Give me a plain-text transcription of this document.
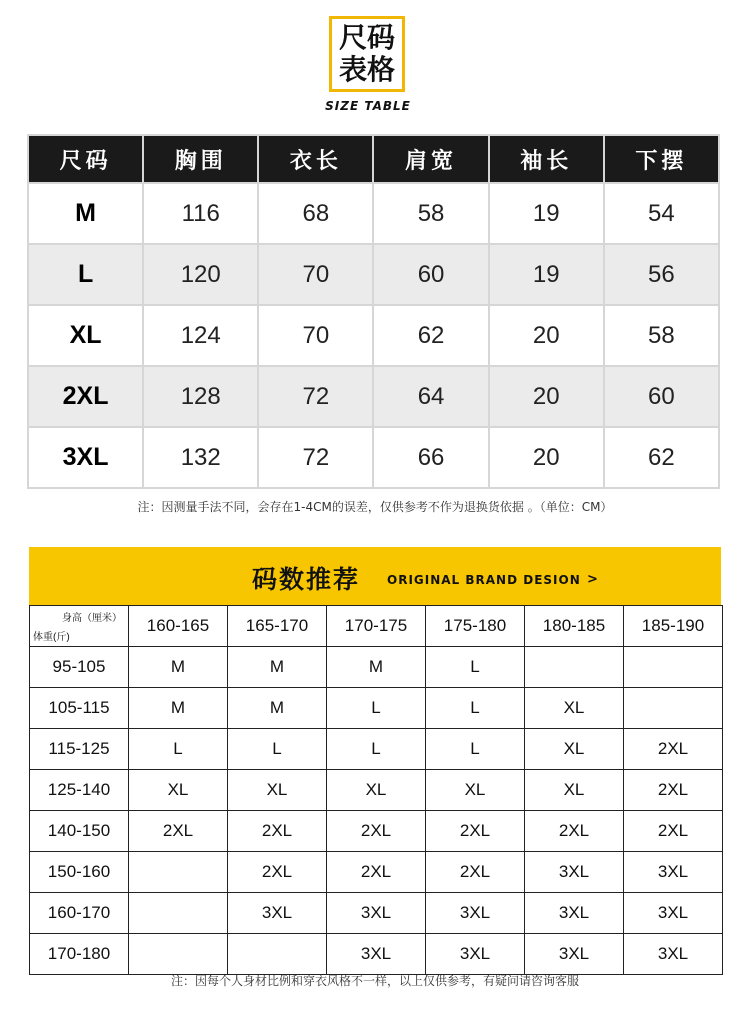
尺码
表格
SIZE TABLE
尺码	胸围	衣长	肩宽	袖长	下摆
M	116	68	58	19	54
L	120	70	60	19	56
XL	124	70	62	20	58
2XL	128	72	64	20	60
3XL	132	72	66	20	62
注：因测量手法不同，会存在1-4CM的误差，仅供参考不作为退换货依据 。（单位：CM）
码数推荐 ORIGINAL BRAND DESION >
身高（厘米）
体重(斤)	160-165	165-170	170-175	175-180	180-185	185-190
95-105	M	M	M	L		
105-115	M	M	L	L	XL	
115-125	L	L	L	L	XL	2XL
125-140	XL	XL	XL	XL	XL	2XL
140-150	2XL	2XL	2XL	2XL	2XL	2XL
150-160		2XL	2XL	2XL	3XL	3XL
160-170		3XL	3XL	3XL	3XL	3XL
170-180			3XL	3XL	3XL	3XL
注：因每个人身材比例和穿衣风格不一样，以上仅供参考，有疑问请咨询客服
